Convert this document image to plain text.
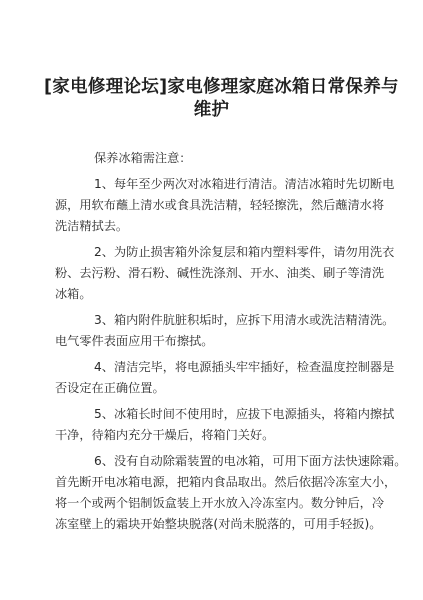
[家电修理论坛]家电修理家庭冰箱日常保养与
维护

保养冰箱需注意：

1、每年至少两次对冰箱进行清洁。清洁冰箱时先切断电

源，用软布蘸上清水或食具洗洁精，轻轻擦洗，然后蘸清水将

洗洁精拭去。

2、为防止损害箱外涂复层和箱内塑料零件，请勿用洗衣

粉、去污粉、滑石粉、碱性洗涤剂、开水、油类、刷子等清洗

冰箱。

3、箱内附件肮脏积垢时，应拆下用清水或洗洁精清洗。

电气零件表面应用干布擦拭。

4、清洁完毕，将电源插头牢牢插好，检查温度控制器是

否设定在正确位置。

5、冰箱长时间不使用时，应拔下电源插头，将箱内擦拭

干净，待箱内充分干燥后，将箱门关好。

6、没有自动除霜装置的电冰箱，可用下面方法快速除霜。

首先断开电冰箱电源，把箱内食品取出。然后依据冷冻室大小，

将一个或两个铝制饭盒装上开水放入冷冻室内。数分钟后，冷

冻室壁上的霜块开始整块脱落(对尚未脱落的，可用手轻扳)。
